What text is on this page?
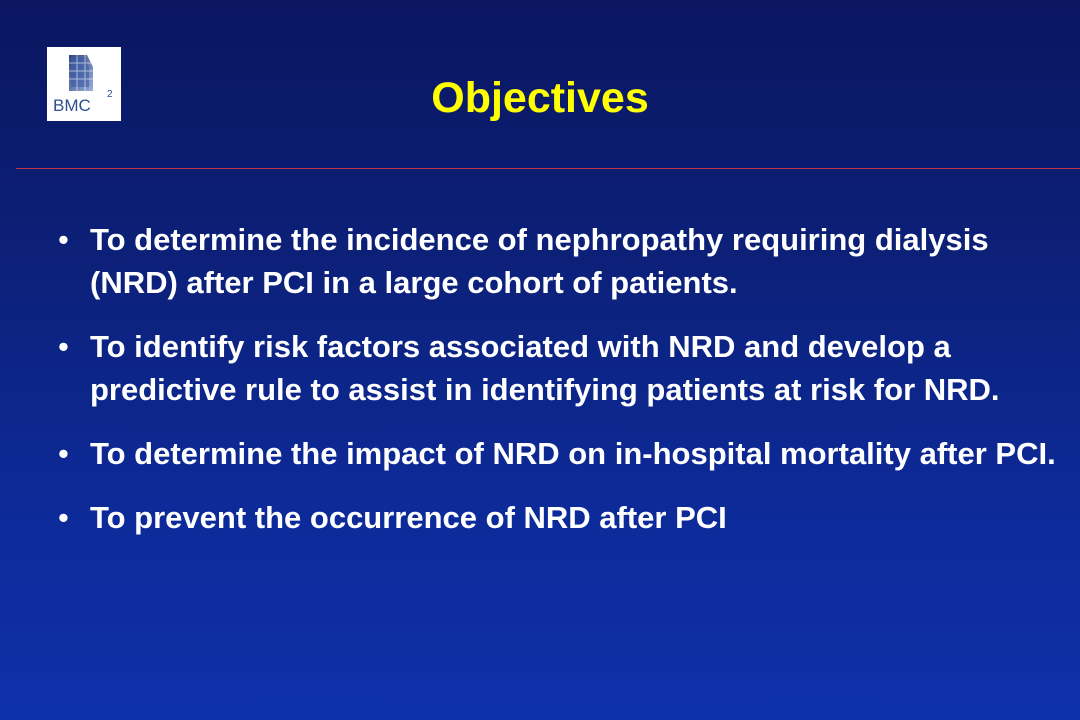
BMC
2	Objectives
• To determine the incidence of nephropathy requiring dialysis (NRD) after PCI in a large cohort of patients.
• To identify risk factors associated with NRD and develop a predictive rule to assist in identifying patients at risk for NRD.
• To determine the impact of NRD on in-hospital mortality after PCI.
• To prevent the occurrence of NRD after PCI
